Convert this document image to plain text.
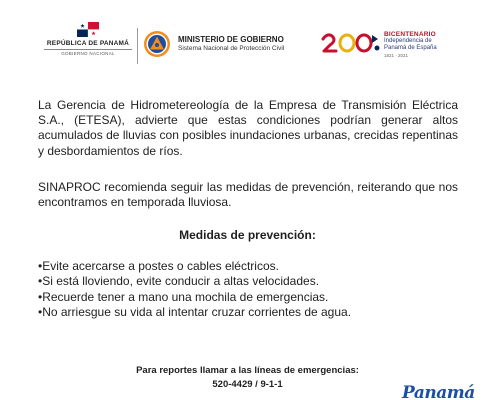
REPÚBLICA DE PANAMÁ
GOBIERNO NACIONAL
MINISTERIO DE GOBIERNO
Sistema Nacional de Protección Civil
BICENTENARIO
Independencia de
Panamá de España
1821 · 2021

La Gerencia de Hidrometereología de la Empresa de Transmisión Eléctrica S.A., (ETESA), advierte que estas condiciones podrían generar altos acumulados de lluvias con posibles inundaciones urbanas, crecidas repentinas y desbordamientos de ríos.

SINAPROC recomienda seguir las medidas de prevención, reiterando que nos encontramos en temporada lluviosa.

Medidas de prevención:
•Evite acercarse a postes o cables eléctricos.
•Si está lloviendo, evite conducir a altas velocidades.
•Recuerde tener a mano una mochila de emergencias.
•No arriesgue su vida al intentar cruzar corrientes de agua.
Para reportes llamar a las líneas de emergencias:
520-4429 / 9-1-1	Panamá
